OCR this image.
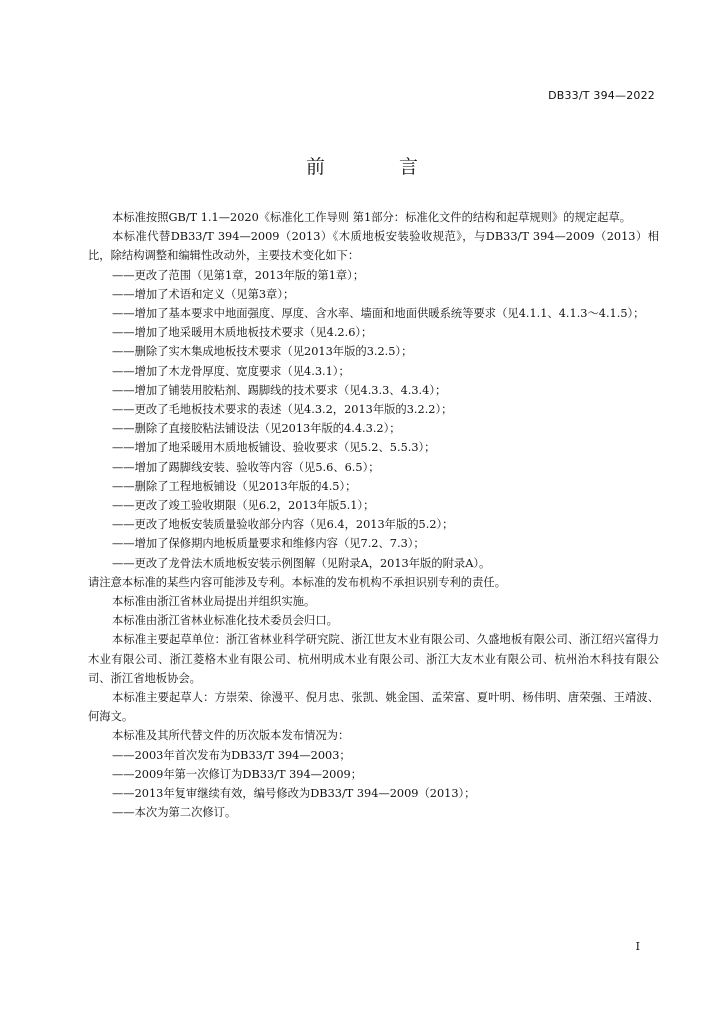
DB33/T 394—2022
前 言

本标准按照GB/T 1.1—2020《标准化工作导则 第1部分：标准化文件的结构和起草规则》的规定起草。

本标准代替DB33/T 394—2009（2013）《木质地板安装验收规范》，与DB33/T 394—2009（2013）相比，除结构调整和编辑性改动外，主要技术变化如下：

——更改了范围（见第1章，2013年版的第1章）；

——增加了术语和定义（见第3章）；

——增加了基本要求中地面强度、厚度、含水率、墙面和地面供暖系统等要求（见4.1.1、4.1.3～4.1.5）；

——增加了地采暖用木质地板技术要求（见4.2.6）；

——删除了实木集成地板技术要求（见2013年版的3.2.5）；

——增加了木龙骨厚度、宽度要求（见4.3.1）；

——增加了铺装用胶粘剂、踢脚线的技术要求（见4.3.3、4.3.4）；

——更改了毛地板技术要求的表述（见4.3.2，2013年版的3.2.2）；

——删除了直接胶粘法铺设法（见2013年版的4.4.3.2）；

——增加了地采暖用木质地板铺设、验收要求（见5.2、5.5.3）；

——增加了踢脚线安装、验收等内容（见5.6、6.5）；

——删除了工程地板铺设（见2013年版的4.5）；

——更改了竣工验收期限（见6.2，2013年版5.1）；

——更改了地板安装质量验收部分内容（见6.4，2013年版的5.2）；

——增加了保修期内地板质量要求和维修内容（见7.2、7.3）；

——更改了龙骨法木质地板安装示例图解（见附录A，2013年版的附录A）。

请注意本标准的某些内容可能涉及专利。本标准的发布机构不承担识别专利的责任。

本标准由浙江省林业局提出并组织实施。

本标准由浙江省林业标准化技术委员会归口。

本标准主要起草单位：浙江省林业科学研究院、浙江世友木业有限公司、久盛地板有限公司、浙江绍兴富得力木业有限公司、浙江菱格木业有限公司、杭州明成木业有限公司、浙江大友木业有限公司、杭州治木科技有限公司、浙江省地板协会。

本标准主要起草人：方崇荣、徐漫平、倪月忠、张凯、姚金国、孟荣富、夏叶明、杨伟明、唐荣强、王靖波、何海文。

本标准及其所代替文件的历次版本发布情况为：

——2003年首次发布为DB33/T 394—2003；

——2009年第一次修订为DB33/T 394—2009；

——2013年复审继续有效，编号修改为DB33/T 394—2009（2013）；

——本次为第二次修订。

I
